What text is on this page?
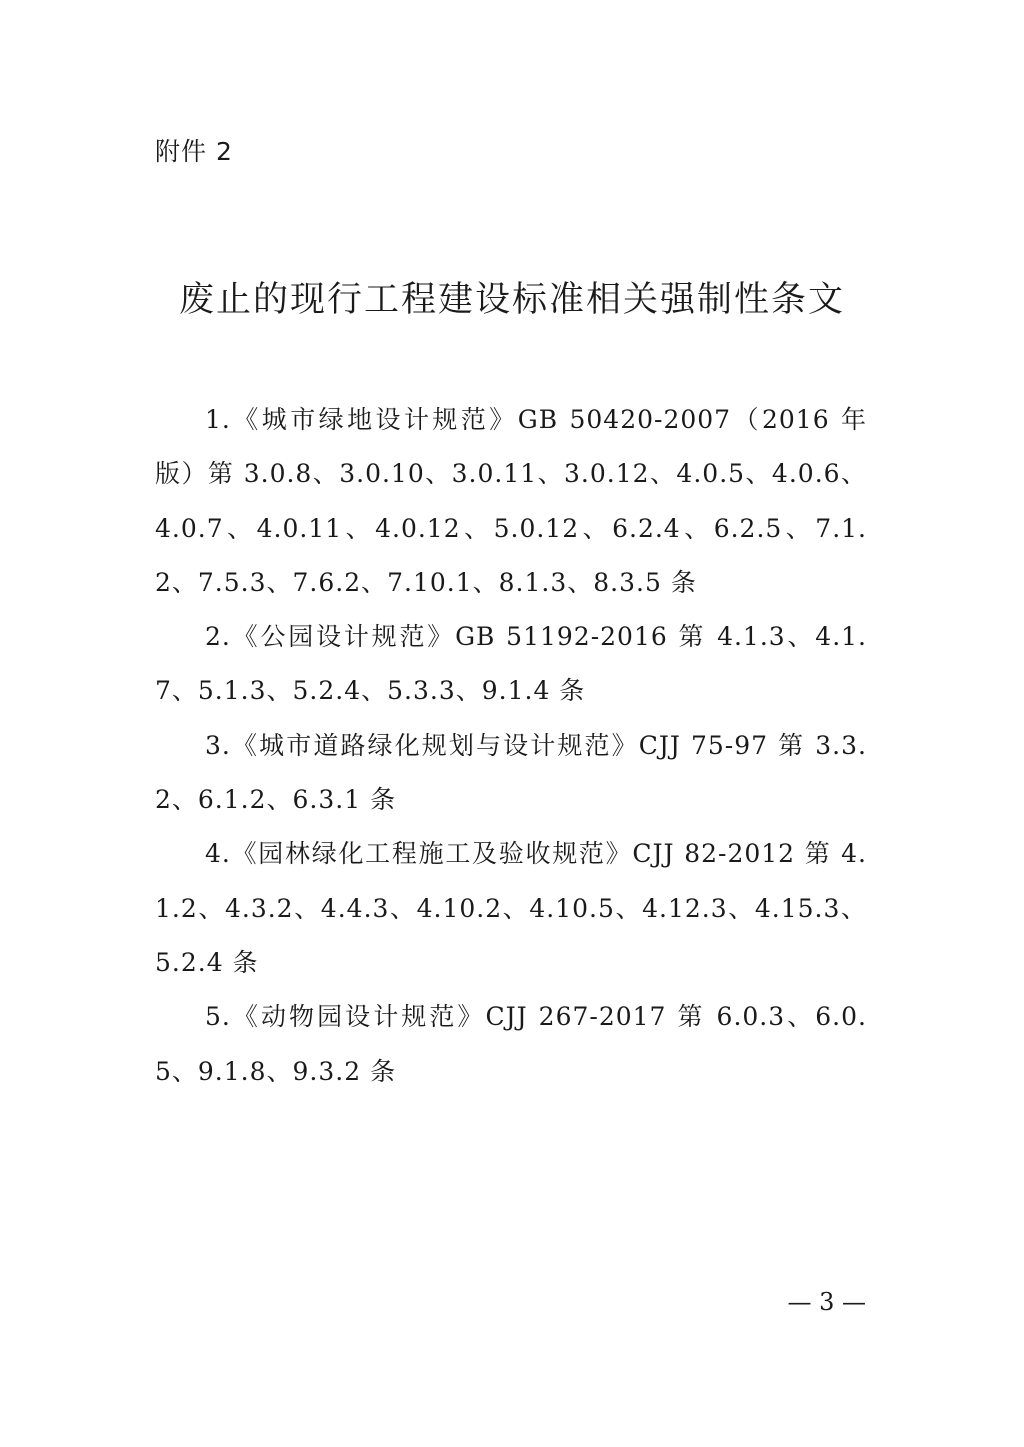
附件 2
废止的现行工程建设标准相关强制性条文

1.《城市绿地设计规范》GB 50420-2007（2016 年版）第 3.0.8、3.0.10、3.0.11、3.0.12、4.0.5、4.0.6、4.0.7、4.0.11、4.0.12、5.0.12、6.2.4、6.2.5、7.1.2、7.5.3、7.6.2、7.10.1、8.1.3、8.3.5 条

2.《公园设计规范》GB 51192-2016 第 4.1.3、4.1.7、5.1.3、5.2.4、5.3.3、9.1.4 条

3.《城市道路绿化规划与设计规范》CJJ 75-97 第 3.3.2、6.1.2、6.3.1 条

4.《园林绿化工程施工及验收规范》CJJ 82-2012 第 4.1.2、4.3.2、4.4.3、4.10.2、4.10.5、4.12.3、4.15.3、5.2.4 条

5.《动物园设计规范》CJJ 267-2017 第 6.0.3、6.0.5、9.1.8、9.3.2 条

— 3 —
